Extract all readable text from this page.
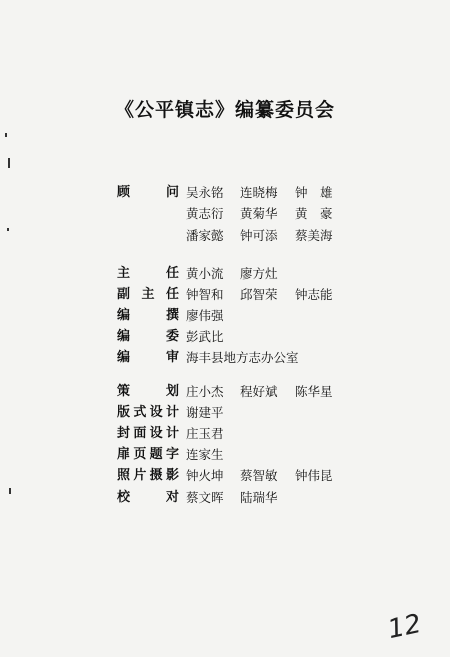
《公平镇志》编纂委员会
顾	问 吴永铭 连晓梅 钟　雄
黄志衍 黄菊华 黄　豪
潘家懿 钟可添 蔡美海
主	任 黄小流 廖方灶
副 主 任 钟智和 邱智荣 钟志能
编	撰 廖伟强
编	委 彭武比
编	审 海丰县地方志办公室
策	划 庄小杰 程好斌 陈华星
版 式 设 计 谢建平
封 面 设 计 庄玉君
扉 页 题 字 连家生
照 片 摄 影 钟火坤 蔡智敏 钟伟昆
校	对 蔡文晖 陆瑞华
12
